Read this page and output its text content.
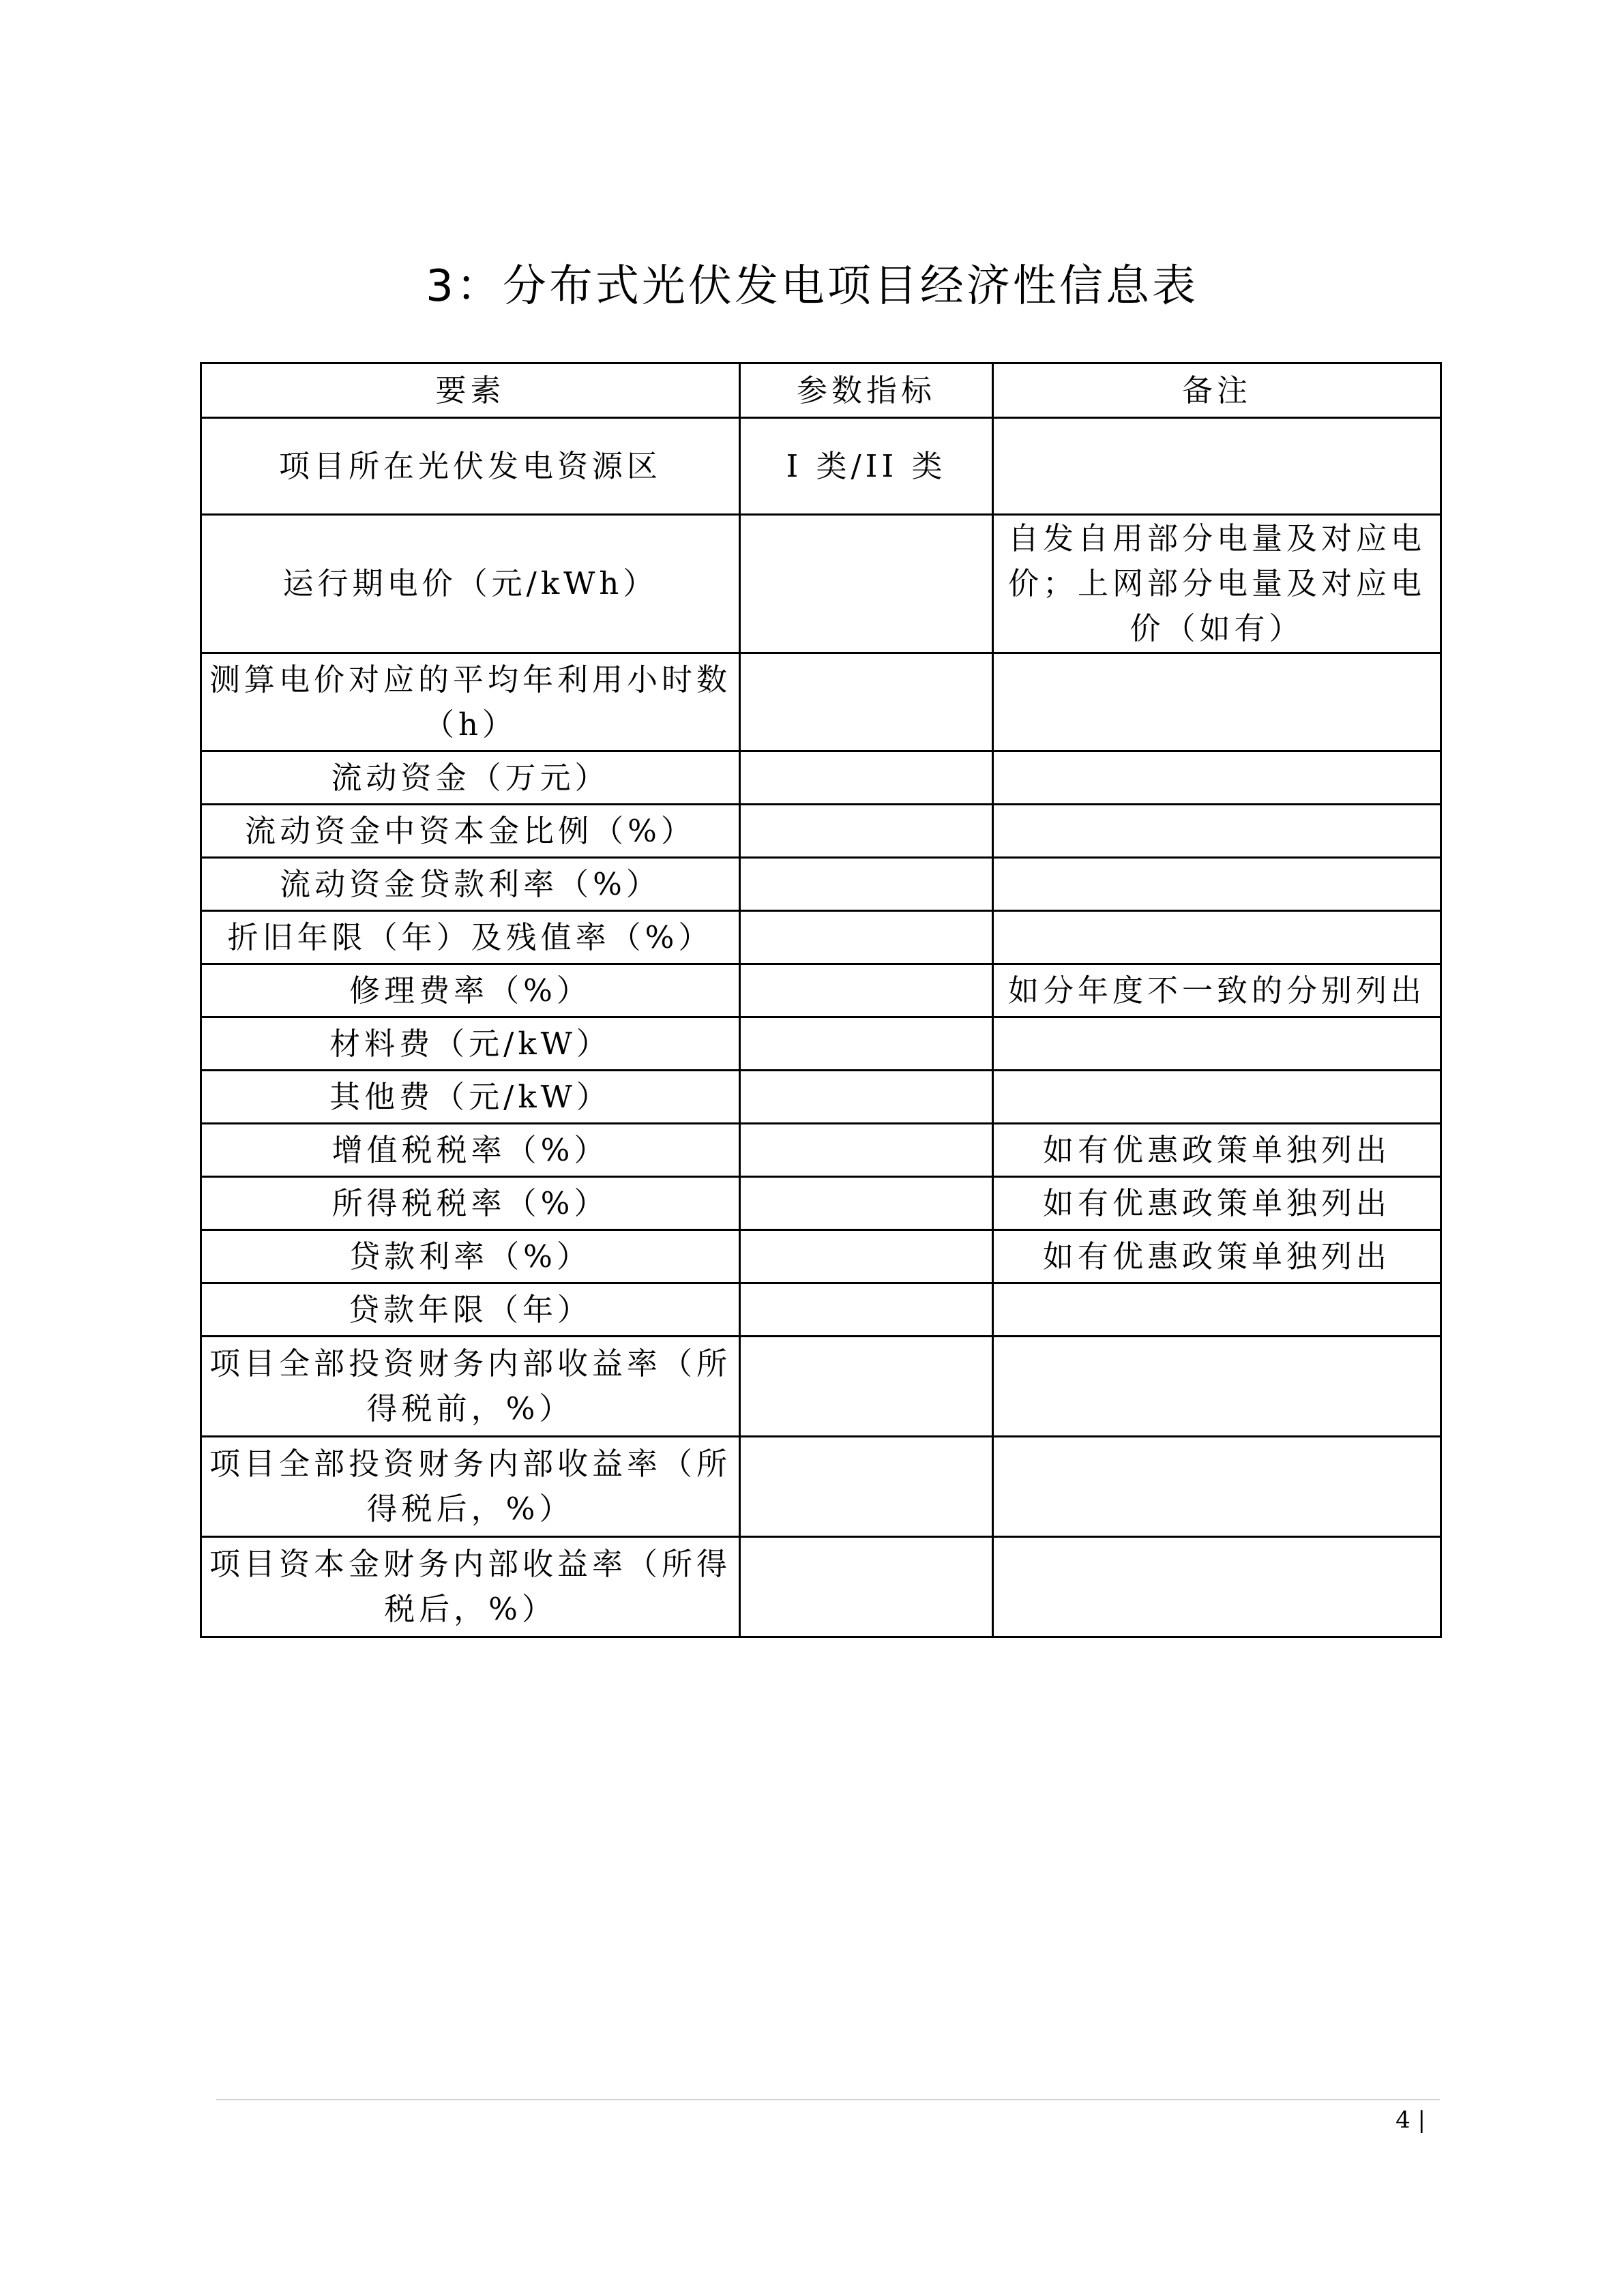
3：分布式光伏发电项目经济性信息表
要素	参数指标	备注
项目所在光伏发电资源区	I 类/II 类	
运行期电价（元/kWh）		自发自用部分电量及对应电价；上网部分电量及对应电价（如有）
测算电价对应的平均年利用小时数（h）		
流动资金（万元）		
流动资金中资本金比例（%）		
流动资金贷款利率（%）		
折旧年限（年）及残值率（%）		
修理费率（%）		如分年度不一致的分别列出
材料费（元/kW）		
其他费（元/kW）		
增值税税率（%）		如有优惠政策单独列出
所得税税率（%）		如有优惠政策单独列出
贷款利率（%）		如有优惠政策单独列出
贷款年限（年）		
项目全部投资财务内部收益率（所得税前，%）		
项目全部投资财务内部收益率（所得税后，%）		
项目资本金财务内部收益率（所得税后，%）		
4 |
